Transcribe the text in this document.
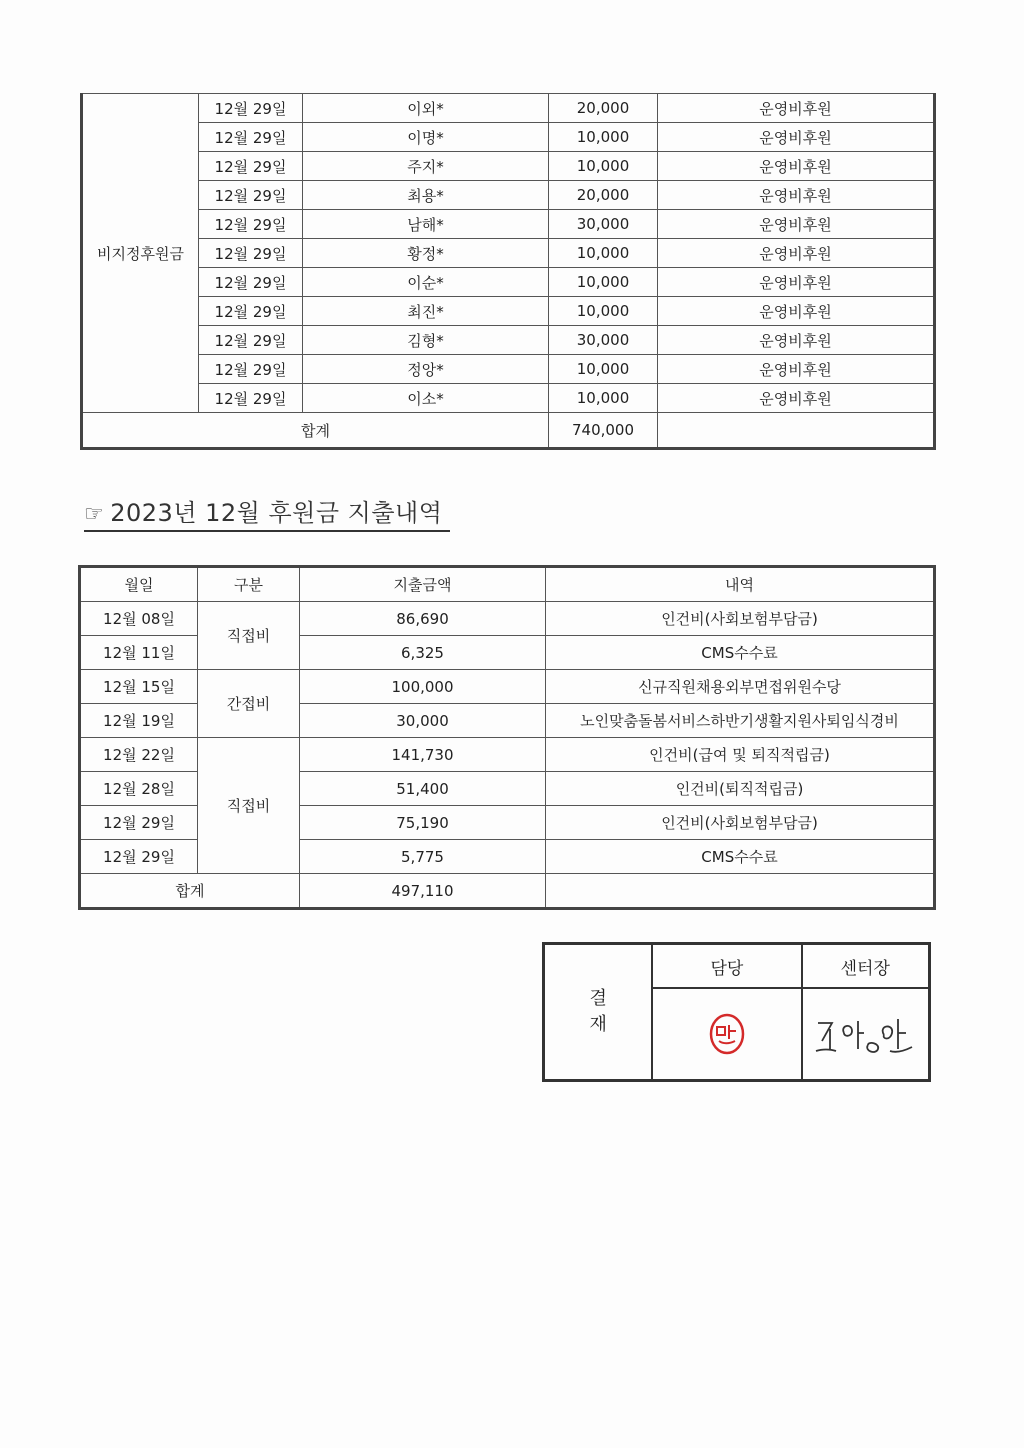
비지정후원금	12월 29일	이외*	20,000	운영비후원
	12월 29일	이명*	10,000	운영비후원
	12월 29일	주지*	10,000	운영비후원
	12월 29일	최용*	20,000	운영비후원
	12월 29일	남해*	30,000	운영비후원
	12월 29일	황정*	10,000	운영비후원
	12월 29일	이순*	10,000	운영비후원
	12월 29일	최진*	10,000	운영비후원
	12월 29일	김형*	30,000	운영비후원
	12월 29일	정앙*	10,000	운영비후원
	12월 29일	이소*	10,000	운영비후원
합계			740,000	
☞ 2023년 12월 후원금 지출내역
월일	구분	지출금액	내역
12월 08일	직접비	86,690	인건비(사회보험부담금)
12월 11일		6,325	CMS수수료
12월 15일	간접비	100,000	신규직원채용외부면접위원수당
12월 19일		30,000	노인맞춤돌봄서비스하반기생활지원사퇴임식경비
12월 22일	직접비	141,730	인건비(급여 및 퇴직적립금)
12월 28일		51,400	인건비(퇴직적립금)
12월 29일		75,190	인건비(사회보험부담금)
12월 29일		5,775	CMS수수료
합계		497,110	
결
재	담당	센터장
